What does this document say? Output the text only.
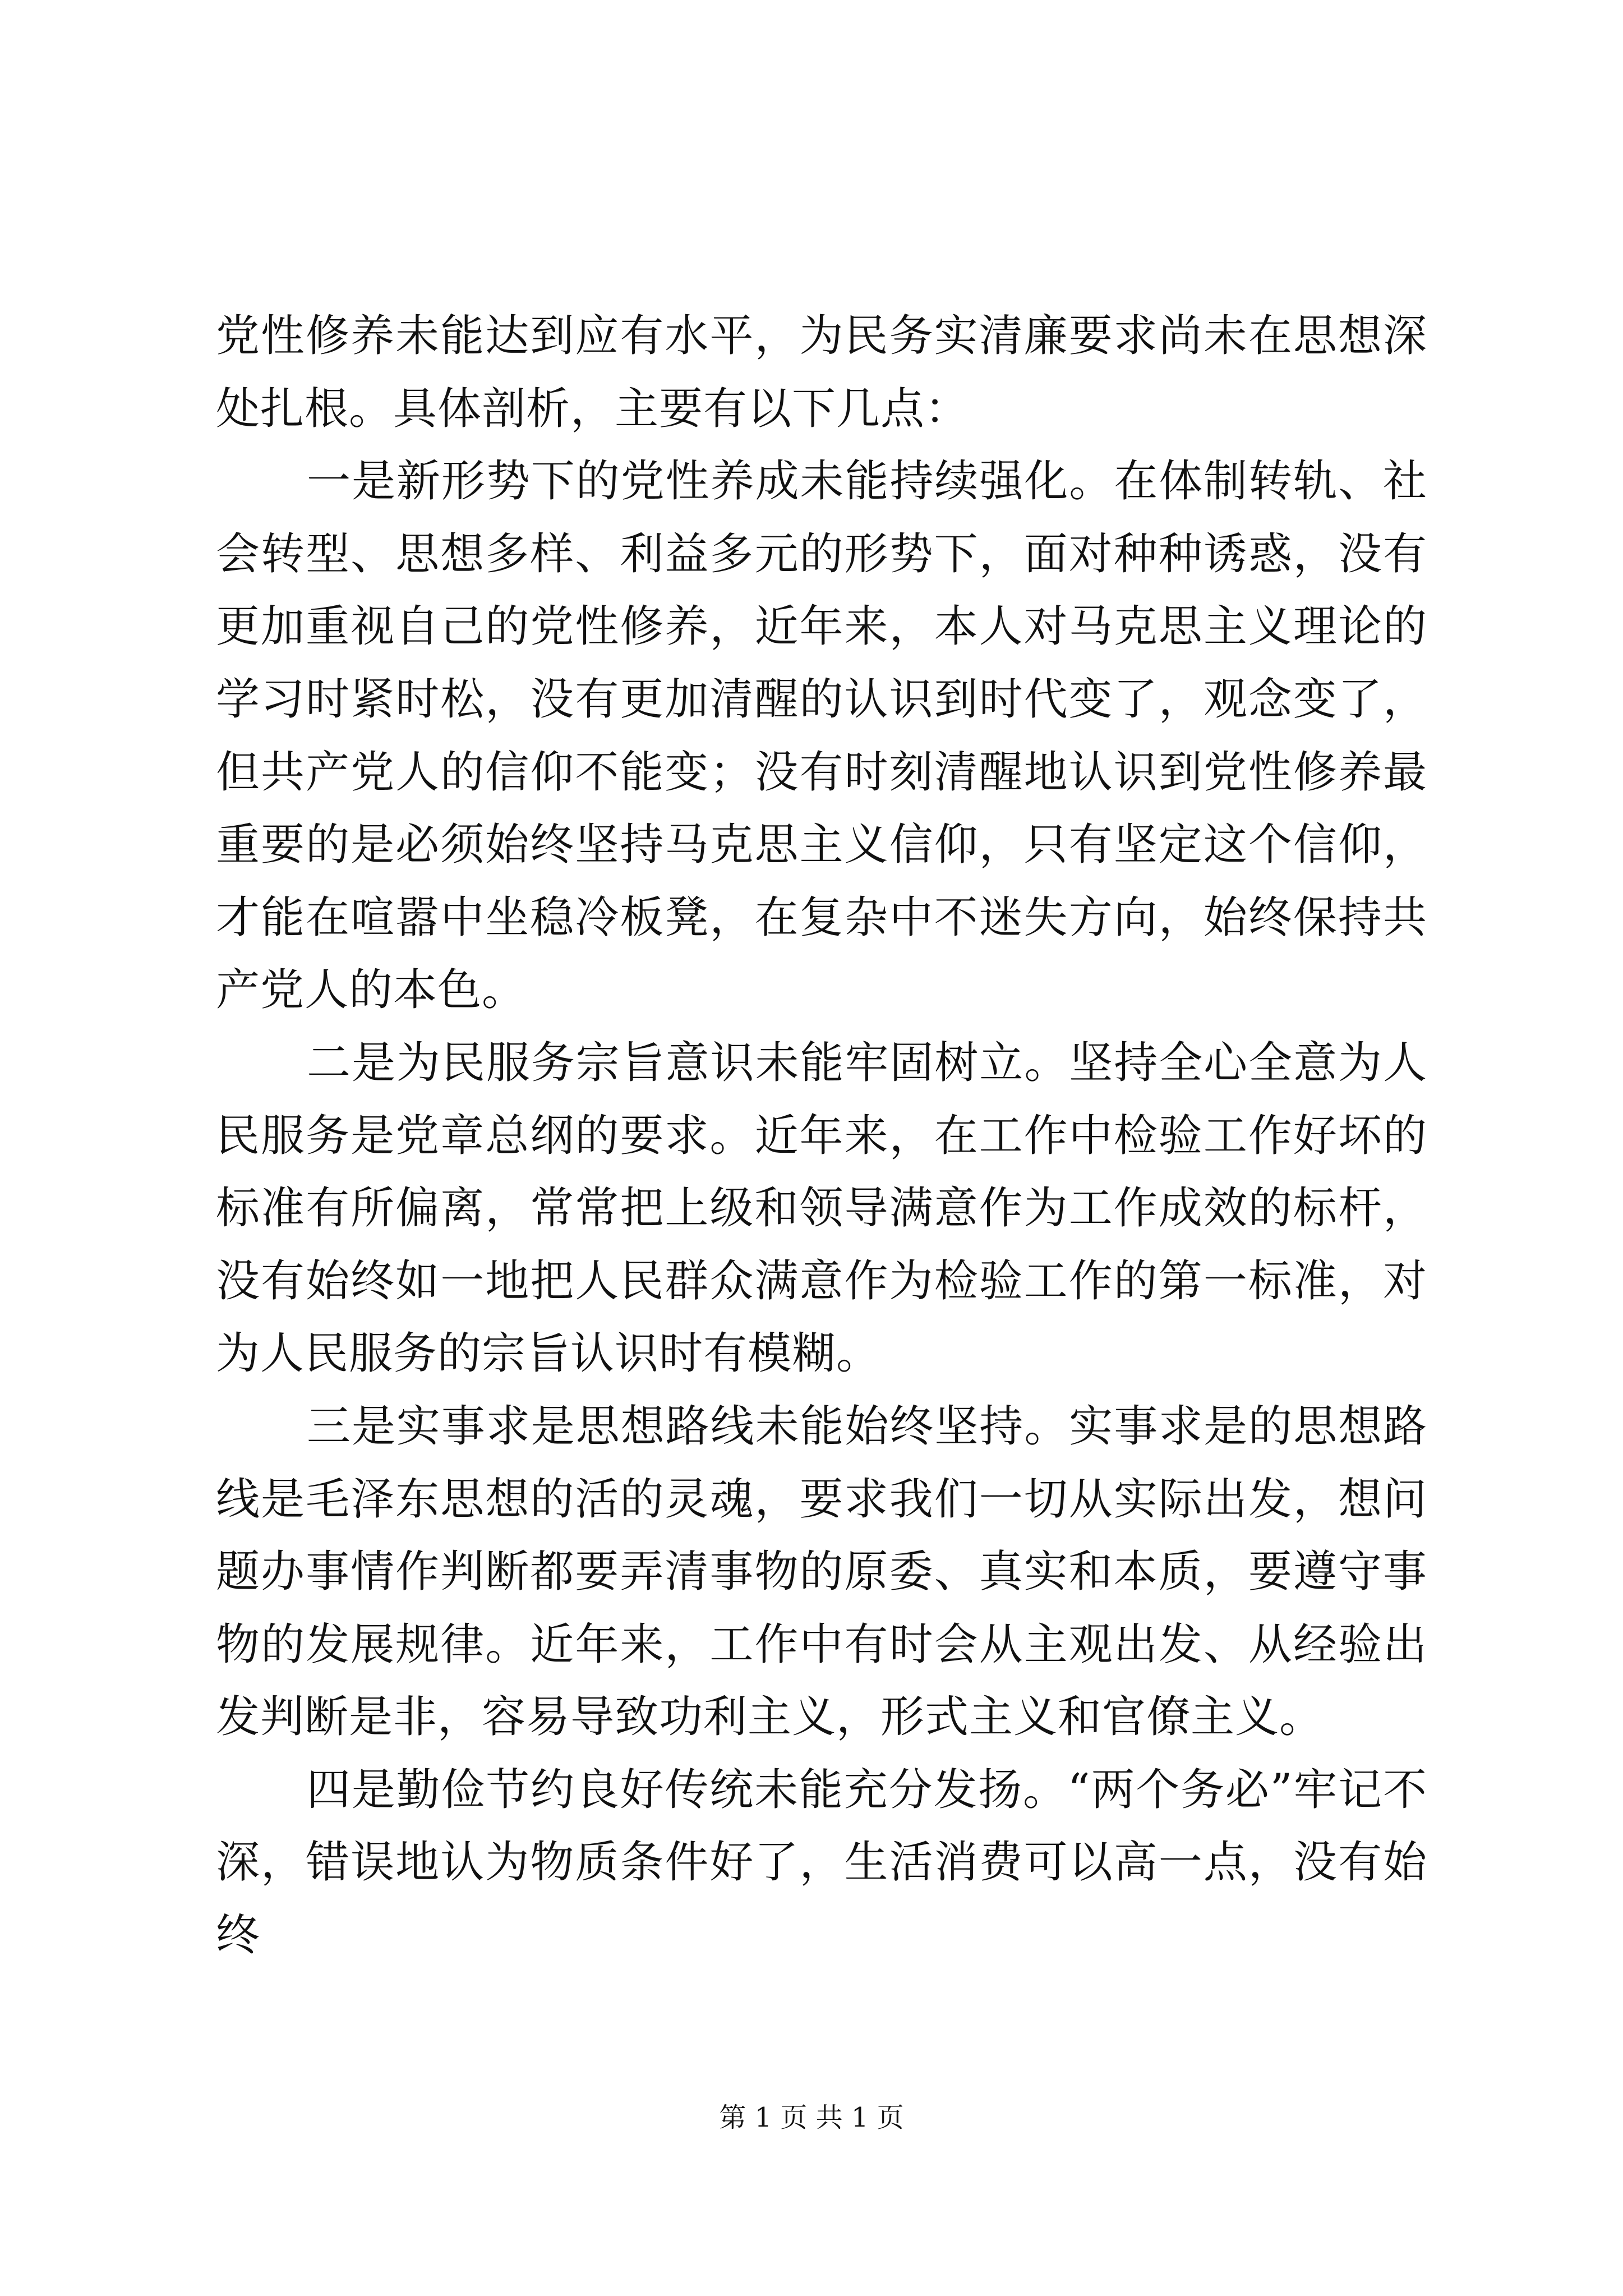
党性修养未能达到应有水平，为民务实清廉要求尚未在思想深处扎根。具体剖析，主要有以下几点：

一是新形势下的党性养成未能持续强化。在体制转轨、社会转型、思想多样、利益多元的形势下，面对种种诱惑，没有更加重视自己的党性修养，近年来，本人对马克思主义理论的学习时紧时松，没有更加清醒的认识到时代变了，观念变了，但共产党人的信仰不能变；没有时刻清醒地认识到党性修养最重要的是必须始终坚持马克思主义信仰，只有坚定这个信仰，才能在喧嚣中坐稳冷板凳，在复杂中不迷失方向，始终保持共产党人的本色。

二是为民服务宗旨意识未能牢固树立。坚持全心全意为人民服务是党章总纲的要求。近年来，在工作中检验工作好坏的标准有所偏离，常常把上级和领导满意作为工作成效的标杆，没有始终如一地把人民群众满意作为检验工作的第一标准，对为人民服务的宗旨认识时有模糊。

三是实事求是思想路线未能始终坚持。实事求是的思想路线是毛泽东思想的活的灵魂，要求我们一切从实际出发，想问题办事情作判断都要弄清事物的原委、真实和本质，要遵守事物的发展规律。近年来，工作中有时会从主观出发、从经验出发判断是非，容易导致功利主义，形式主义和官僚主义。

四是勤俭节约良好传统未能充分发扬。“两个务必”牢记不深，错误地认为物质条件好了，生活消费可以高一点，没有始终

第 1 页 共 1 页
